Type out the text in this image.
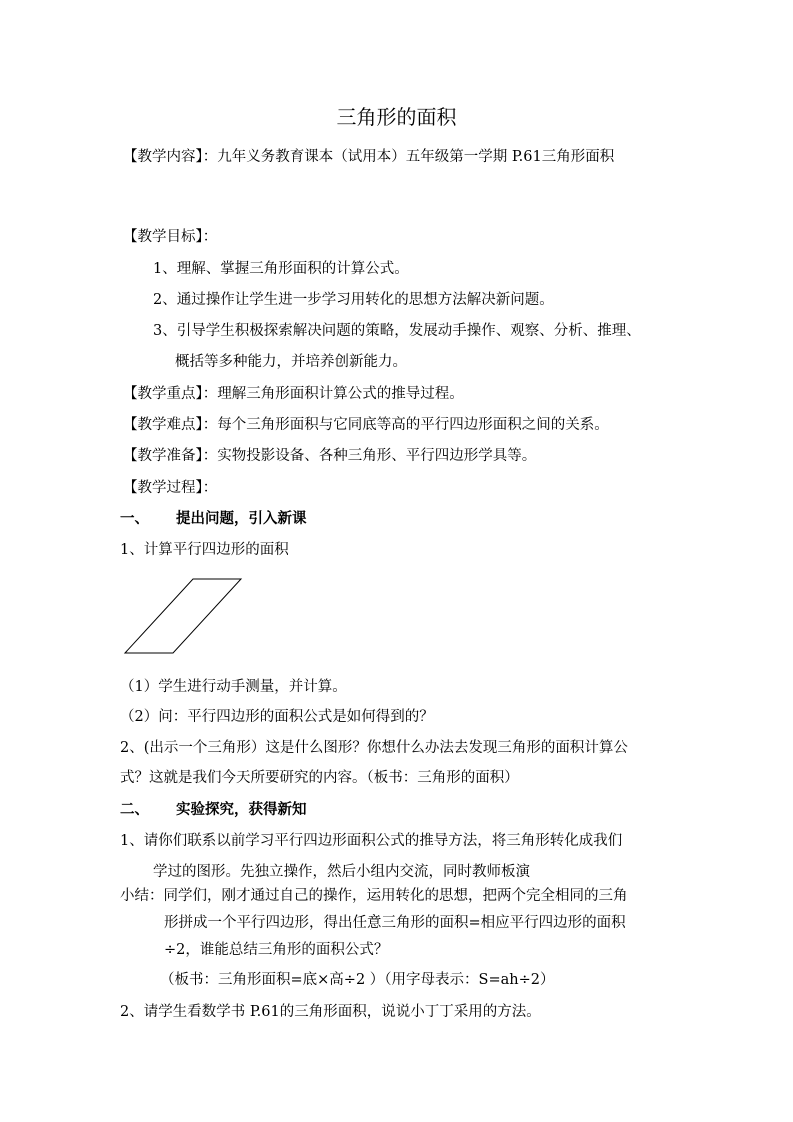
三角形的面积
【教学内容】：九年义务教育课本（试用本）五年级第一学期 P.61三角形面积
【教学目标】：
1、理解、掌握三角形面积的计算公式。
2、通过操作让学生进一步学习用转化的思想方法解决新问题。
3、引导学生积极探索解决问题的策略，发展动手操作、观察、分析、推理、
概括等多种能力，并培养创新能力。
【教学重点】：理解三角形面积计算公式的推导过程。
【教学难点】：每个三角形面积与它同底等高的平行四边形面积之间的关系。
【教学准备】：实物投影设备、各种三角形、平行四边形学具等。
【教学过程】：
一、 提出问题，引入新课
1、计算平行四边形的面积
（1）学生进行动手测量，并计算。
（2）问：平行四边形的面积公式是如何得到的？
2、(出示一个三角形）这是什么图形？你想什么办法去发现三角形的面积计算公
式？这就是我们今天所要研究的内容。（板书：三角形的面积）
二、 实验探究，获得新知
1、请你们联系以前学习平行四边形面积公式的推导方法，将三角形转化成我们
学过的图形。先独立操作，然后小组内交流，同时教师板演
小结：同学们，刚才通过自己的操作，运用转化的思想，把两个完全相同的三角
形拼成一个平行四边形，得出任意三角形的面积=相应平行四边形的面积
÷2，谁能总结三角形的面积公式？
（板书：三角形面积=底×高÷2 ）（用字母表示：S=ah÷2）
2、请学生看数学书 P.61的三角形面积，说说小丁丁采用的方法。
